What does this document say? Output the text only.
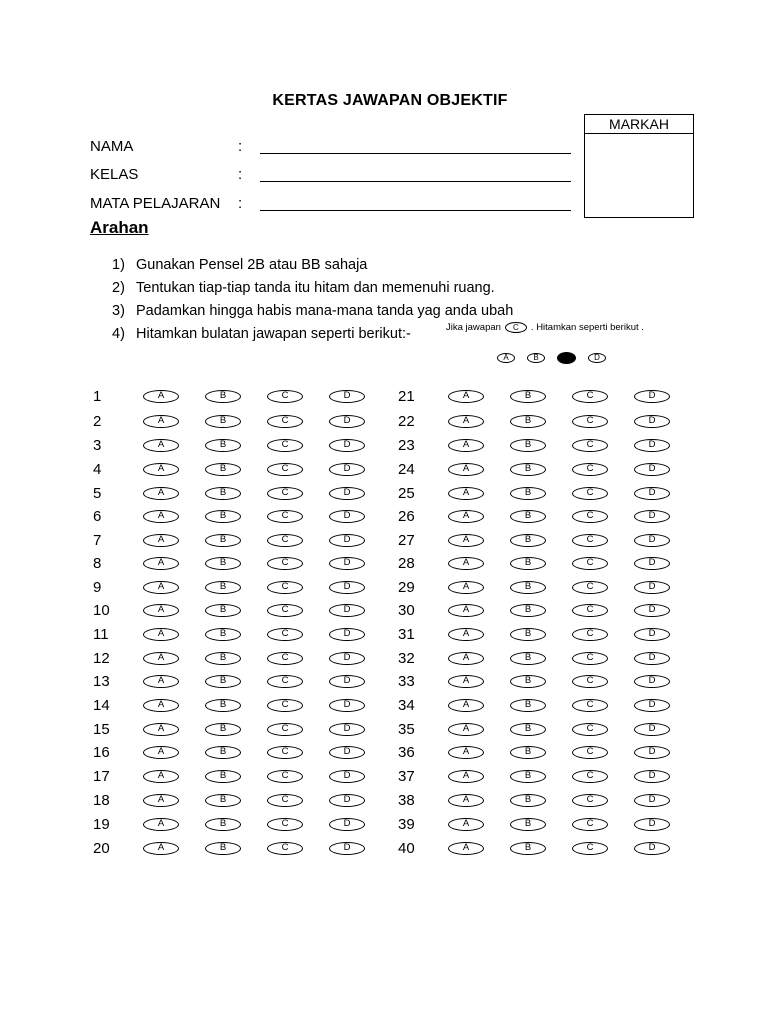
KERTAS JAWAPAN OBJEKTIF
MARKAH
NAMA	:
KELAS	:
MATA PELAJARAN :
Arahan
1) Gunakan Pensel 2B atau BB sahaja
2) Tentukan tiap-tiap tanda itu hitam dan memenuhi ruang.
3) Padamkan hingga habis mana-mana tanda yag anda ubah
4) Hitamkan bulatan jawapan seperti berikut:-	Jika jawapan	C	. Hitamkan seperti berikut .
A	B	D
1	A	B	C	D
2	A	B	C	D
3	A	B	C	D
4	A	B	C	D
5	A	B	C	D
6	A	B	C	D
7	A	B	C	D
8	A	B	C	D
9	A	B	C	D
10	A	B	C	D
11	A	B	C	D
12	A	B	C	D
13	A	B	C	D
14	A	B	C	D
15	A	B	C	D
16	A	B	C	D
17	A	B	C	D
18	A	B	C	D
19	A	B	C	D
20	A	B	C	D
21	A	B	C	D
22	A	B	C	D
23	A	B	C	D
24	A	B	C	D
25	A	B	C	D
26	A	B	C	D
27	A	B	C	D
28	A	B	C	D
29	A	B	C	D
30	A	B	C	D
31	A	B	C	D
32	A	B	C	D
33	A	B	C	D
34	A	B	C	D
35	A	B	C	D
36	A	B	C	D
37	A	B	C	D
38	A	B	C	D
39	A	B	C	D
40	A	B	C	D
